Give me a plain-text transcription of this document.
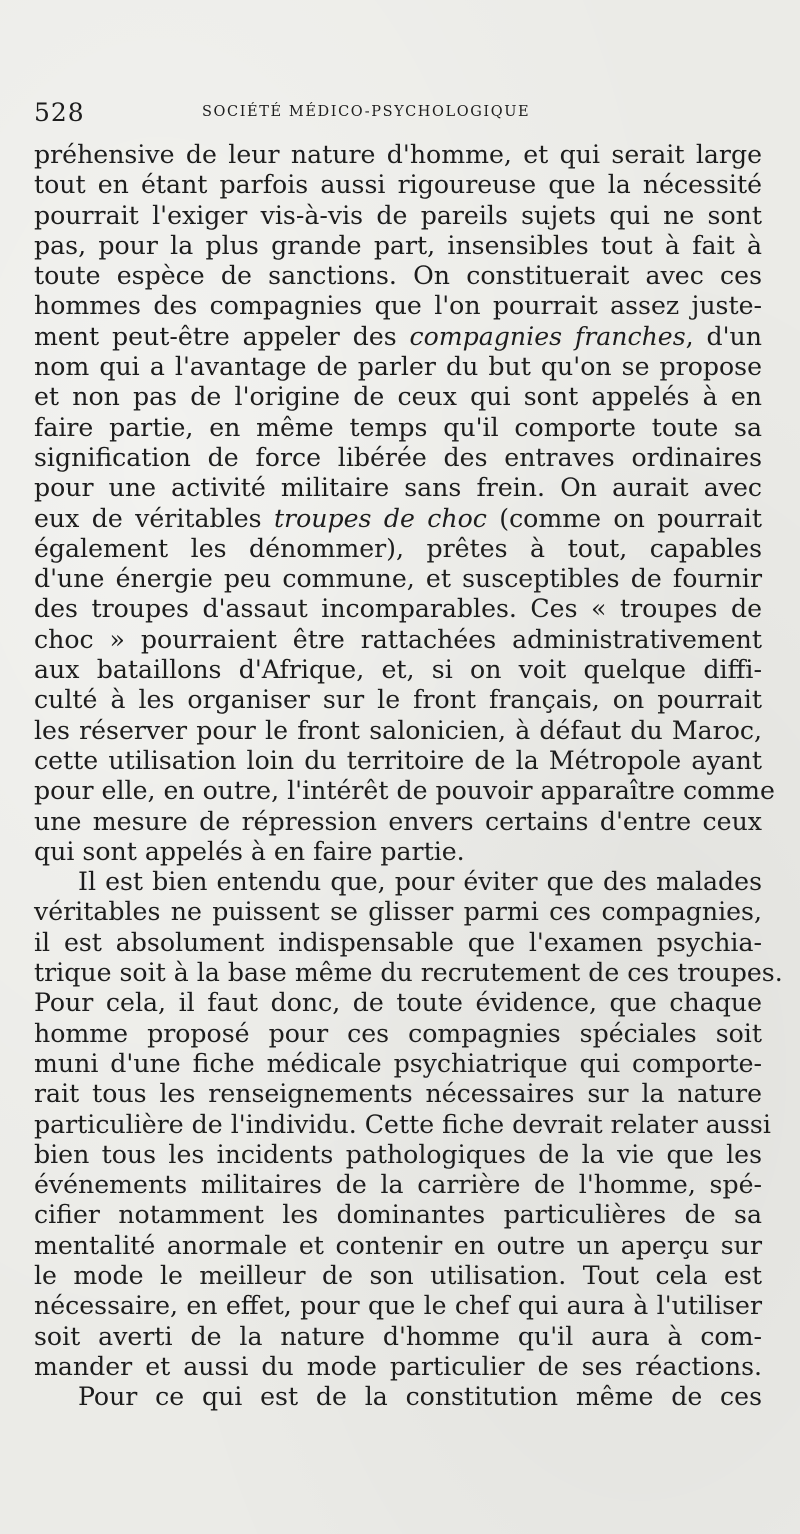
528	SOCIÉTÉ MÉDICO-PSYCHOLOGIQUE
préhensive de leur nature d'homme, et qui serait large
tout en étant parfois aussi rigoureuse que la nécessité
pourrait l'exiger vis-à-vis de pareils sujets qui ne sont
pas, pour la plus grande part, insensibles tout à fait à
toute espèce de sanctions. On constituerait avec ces
hommes des compagnies que l'on pourrait assez juste-
ment peut-être appeler des compagnies franches, d'un
nom qui a l'avantage de parler du but qu'on se propose
et non pas de l'origine de ceux qui sont appelés à en
faire partie, en même temps qu'il comporte toute sa
signification de force libérée des entraves ordinaires
pour une activité militaire sans frein. On aurait avec
eux de véritables troupes de choc (comme on pourrait
également les dénommer), prêtes à tout, capables
d'une énergie peu commune, et susceptibles de fournir
des troupes d'assaut incomparables. Ces « troupes de
choc » pourraient être rattachées administrativement
aux bataillons d'Afrique, et, si on voit quelque diffi-
culté à les organiser sur le front français, on pourrait
les réserver pour le front salonicien, à défaut du Maroc,
cette utilisation loin du territoire de la Métropole ayant
pour elle, en outre, l'intérêt de pouvoir apparaître comme
une mesure de répression envers certains d'entre ceux
qui sont appelés à en faire partie.
Il est bien entendu que, pour éviter que des malades
véritables ne puissent se glisser parmi ces compagnies,
il est absolument indispensable que l'examen psychia-
trique soit à la base même du recrutement de ces troupes.
Pour cela, il faut donc, de toute évidence, que chaque
homme proposé pour ces compagnies spéciales soit
muni d'une fiche médicale psychiatrique qui comporte-
rait tous les renseignements nécessaires sur la nature
particulière de l'individu. Cette fiche devrait relater aussi
bien tous les incidents pathologiques de la vie que les
événements militaires de la carrière de l'homme, spé-
cifier notamment les dominantes particulières de sa
mentalité anormale et contenir en outre un aperçu sur
le mode le meilleur de son utilisation. Tout cela est
nécessaire, en effet, pour que le chef qui aura à l'utiliser
soit averti de la nature d'homme qu'il aura à com-
mander et aussi du mode particulier de ses réactions.
Pour ce qui est de la constitution même de ces
